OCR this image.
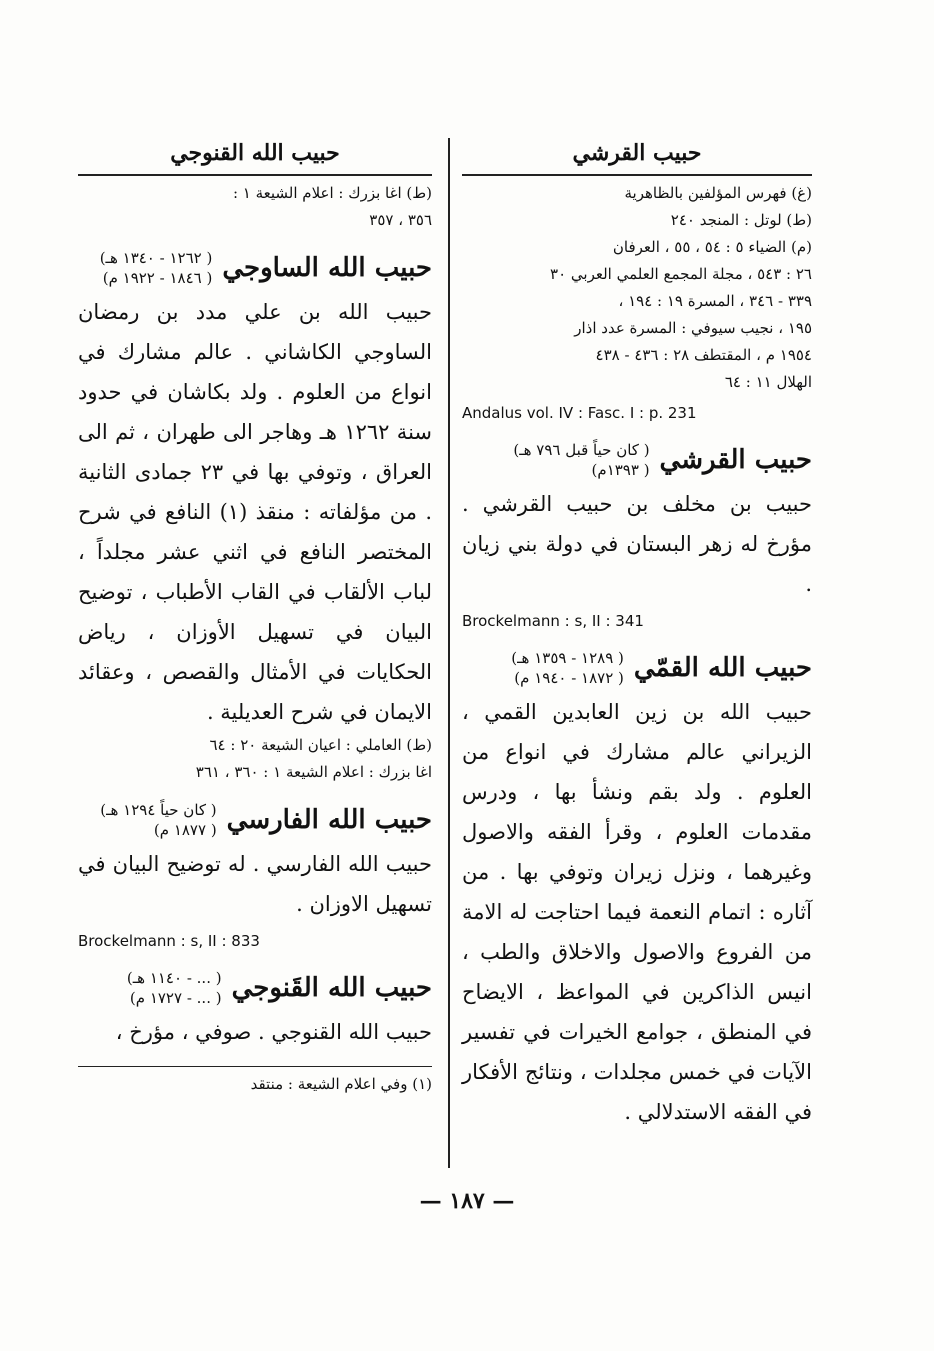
حبيب القرشي
(غ) فهرس المؤلفين بالظاهرية
(ط) لوتل : المنجد ٢٤٠
(م) الضياء ٥ : ٥٤ ، ٥٥ ، العرفان
٢٦ : ٥٤٣ ، مجلة المجمع العلمي العربي ٣٠
٣٣٩ - ٣٤٦ ، المسرة ١٩ : ١٩٤ ،
١٩٥ ، نجيب سيوفي : المسرة عدد اذار
١٩٥٤ م ، المقتطف ٢٨ : ٤٣٦ - ٤٣٨
الهلال ١١ : ٦٤
Andalus vol. IV : Fasc. I : p. 231
حبيب القرشي
( كان حياً قبل ٧٩٦ هـ)
( ١٣٩٣م)
حبيب بن مخلف بن حبيب القرشي . مؤرخ له زهر البستان في دولة بني زيان .
Brockelmann : s, II : 341
حبيب الله القمّي
( ١٢٨٩ - ١٣٥٩ هـ)
( ١٨٧٢ - ١٩٤٠ م)
حبيب الله بن زين العابدين القمي ، الزيراني عالم مشارك في انواع من العلوم . ولد بقم ونشأ بها ، ودرس مقدمات العلوم ، وقرأ الفقه والاصول وغيرهما ، ونزل زيران وتوفي بها . من آثاره : اتمام النعمة فيما احتاجت له الامة من الفروع والاصول والاخلاق والطب ، انيس الذاكرين في المواعظ ، الايضاح في المنطق ، جوامع الخيرات في تفسير الآيات في خمس مجلدات ، ونتائج الأفكار في الفقه الاستدلالي .
حبيب الله القنوجي
(ط) اغا بزرك : اعلام الشيعة ١ :
٣٥٦ ، ٣٥٧
حبيب الله الساوجي
( ١٢٦٢ - ١٣٤٠ هـ)
( ١٨٤٦ - ١٩٢٢ م)
حبيب الله بن علي مدد بن رمضان الساوجي الكاشاني . عالم مشارك في انواع من العلوم . ولد بكاشان في حدود سنة ١٢٦٢ هـ وهاجر الى طهران ، ثم الى العراق ، وتوفي بها في ٢٣ جمادى الثانية . من مؤلفاته : منقذ (١) النافع في شرح المختصر النافع في اثني عشر مجلداً ، لباب الألقاب في القاب الأطباب ، توضيح البيان في تسهيل الأوزان ، رياض الحكايات في الأمثال والقصص ، وعقائد الايمان في شرح العديلية .
(ط) العاملي : اعيان الشيعة ٢٠ : ٦٤
اغا بزرك : اعلام الشيعة ١ : ٣٦٠ ، ٣٦١
حبيب الله الفارسي
( كان حياً ١٢٩٤ هـ)
( ١٨٧٧ م)
حبيب الله الفارسي . له توضيح البيان في تسهيل الاوزان .
Brockelmann : s, II : 833
حبيب الله القَنوجي
( ... - ١١٤٠ هـ)
( ... - ١٧٢٧ م)
حبيب الله القنوجي . صوفي ، مؤرخ ،
(١) وفي اعلام الشيعة : منتقد
— ١٨٧ —
